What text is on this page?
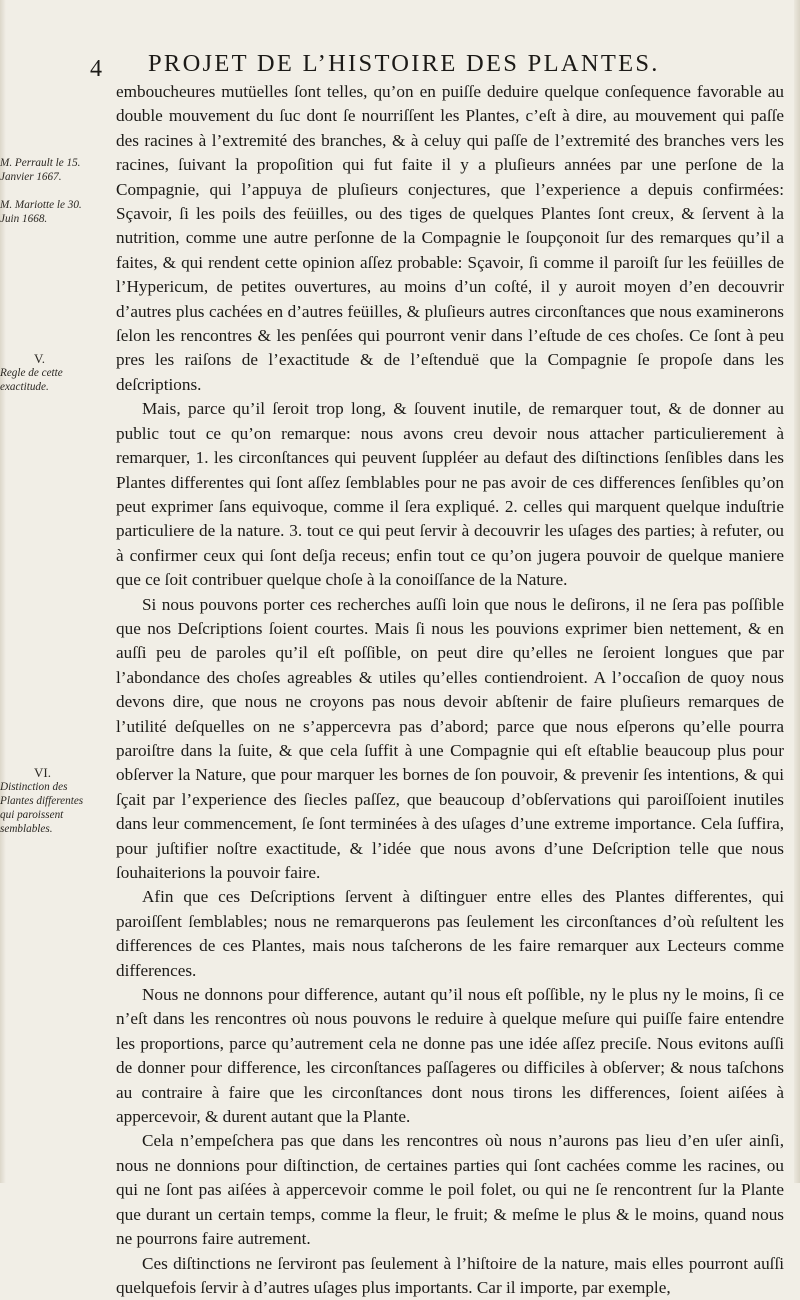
4 PROJET DE L’HISTOIRE DES PLANTES.
M. Perrault le 15. Janvier 1667.
M. Mariotte le 30. Juin 1668.
V.
Regle de cette exactitude.
VI.
Distinction des Plantes differentes qui paroissent semblables.

emboucheures mutüelles ſont telles, qu’on en puiſſe deduire quelque conſequence favorable au double mouvement du ſuc dont ſe nourriſſent les Plantes, c’eſt à dire, au mouvement qui paſſe des racines à l’extremité des branches, & à celuy qui paſſe de l’extremité des branches vers les racines, ſuivant la propoſition qui fut faite il y a pluſieurs années par une perſone de la Compagnie, qui l’appuya de pluſieurs conjectures, que l’experience a depuis confirmées: Sçavoir, ſi les poils des feüilles, ou des tiges de quelques Plantes ſont creux, & ſervent à la nutrition, comme une autre perſonne de la Compagnie le ſoupçonoit ſur des remarques qu’il a faites, & qui rendent cette opinion aſſez probable: Sçavoir, ſi comme il paroiſt ſur les feüilles de l’Hypericum, de petites ouvertures, au moins d’un coſté, il y auroit moyen d’en decouvrir d’autres plus cachées en d’autres feüilles, & pluſieurs autres circonſtances que nous examinerons ſelon les rencontres & les penſées qui pourront venir dans l’eſtude de ces choſes. Ce ſont à peu pres les raiſons de l’exactitude & de l’eſtenduë que la Compagnie ſe propoſe dans les deſcriptions.

Mais, parce qu’il ſeroit trop long, & ſouvent inutile, de remarquer tout, & de donner au public tout ce qu’on remarque: nous avons creu devoir nous attacher particulierement à remarquer, 1. les circonſtances qui peuvent ſuppléer au defaut des diſtinctions ſenſibles dans les Plantes differentes qui ſont aſſez ſemblables pour ne pas avoir de ces differences ſenſibles qu’on peut exprimer ſans equivoque, comme il ſera expliqué. 2. celles qui marquent quelque induſtrie particuliere de la nature. 3. tout ce qui peut ſervir à decouvrir les uſages des parties; à refuter, ou à confirmer ceux qui ſont deſja receus; enfin tout ce qu’on jugera pouvoir de quelque maniere que ce ſoit contribuer quelque choſe à la conoiſſance de la Nature.

Si nous pouvons porter ces recherches auſſi loin que nous le deſirons, il ne ſera pas poſſible que nos Deſcriptions ſoient courtes. Mais ſi nous les pouvions exprimer bien nettement, & en auſſi peu de paroles qu’il eſt poſſible, on peut dire qu’elles ne ſeroient longues que par l’abondance des choſes agreables & utiles qu’elles contiendroient. A l’occaſion de quoy nous devons dire, que nous ne croyons pas nous devoir abſtenir de faire pluſieurs remarques de l’utilité deſquelles on ne s’appercevra pas d’abord; parce que nous eſperons qu’elle pourra paroiſtre dans la ſuite, & que cela ſuffit à une Compagnie qui eſt eſtablie beaucoup plus pour obſerver la Nature, que pour marquer les bornes de ſon pouvoir, & prevenir ſes intentions, & qui ſçait par l’experience des ſiecles paſſez, que beaucoup d’obſervations qui paroiſſoient inutiles dans leur commencement, ſe ſont terminées à des uſages d’une extreme importance. Cela ſuffira, pour juſtifier noſtre exactitude, & l’idée que nous avons d’une Deſcription telle que nous ſouhaiterions la pouvoir faire.

Afin que ces Deſcriptions ſervent à diſtinguer entre elles des Plantes differentes, qui paroiſſent ſemblables; nous ne remarquerons pas ſeulement les circonſtances d’où reſultent les differences de ces Plantes, mais nous taſcherons de les faire remarquer aux Lecteurs comme differences.

Nous ne donnons pour difference, autant qu’il nous eſt poſſible, ny le plus ny le moins, ſi ce n’eſt dans les rencontres où nous pouvons le reduire à quelque meſure qui puiſſe faire entendre les proportions, parce qu’autrement cela ne donne pas une idée aſſez preciſe. Nous evitons auſſi de donner pour difference, les circonſtances paſſageres ou difficiles à obſerver; & nous taſchons au contraire à faire que les circonſtances dont nous tirons les differences, ſoient aiſées à appercevoir, & durent autant que la Plante.

Cela n’empeſchera pas que dans les rencontres où nous n’aurons pas lieu d’en uſer ainſi, nous ne donnions pour diſtinction, de certaines parties qui ſont cachées comme les racines, ou qui ne ſont pas aiſées à appercevoir comme le poil folet, ou qui ne ſe rencontrent ſur la Plante que durant un certain temps, comme la fleur, le fruit; & meſme le plus & le moins, quand nous ne pourrons faire autrement.

Ces diſtinctions ne ſerviront pas ſeulement à l’hiſtoire de la nature, mais elles pourront auſſi quelquefois ſervir à d’autres uſages plus importants. Car il importe, par exemple,
